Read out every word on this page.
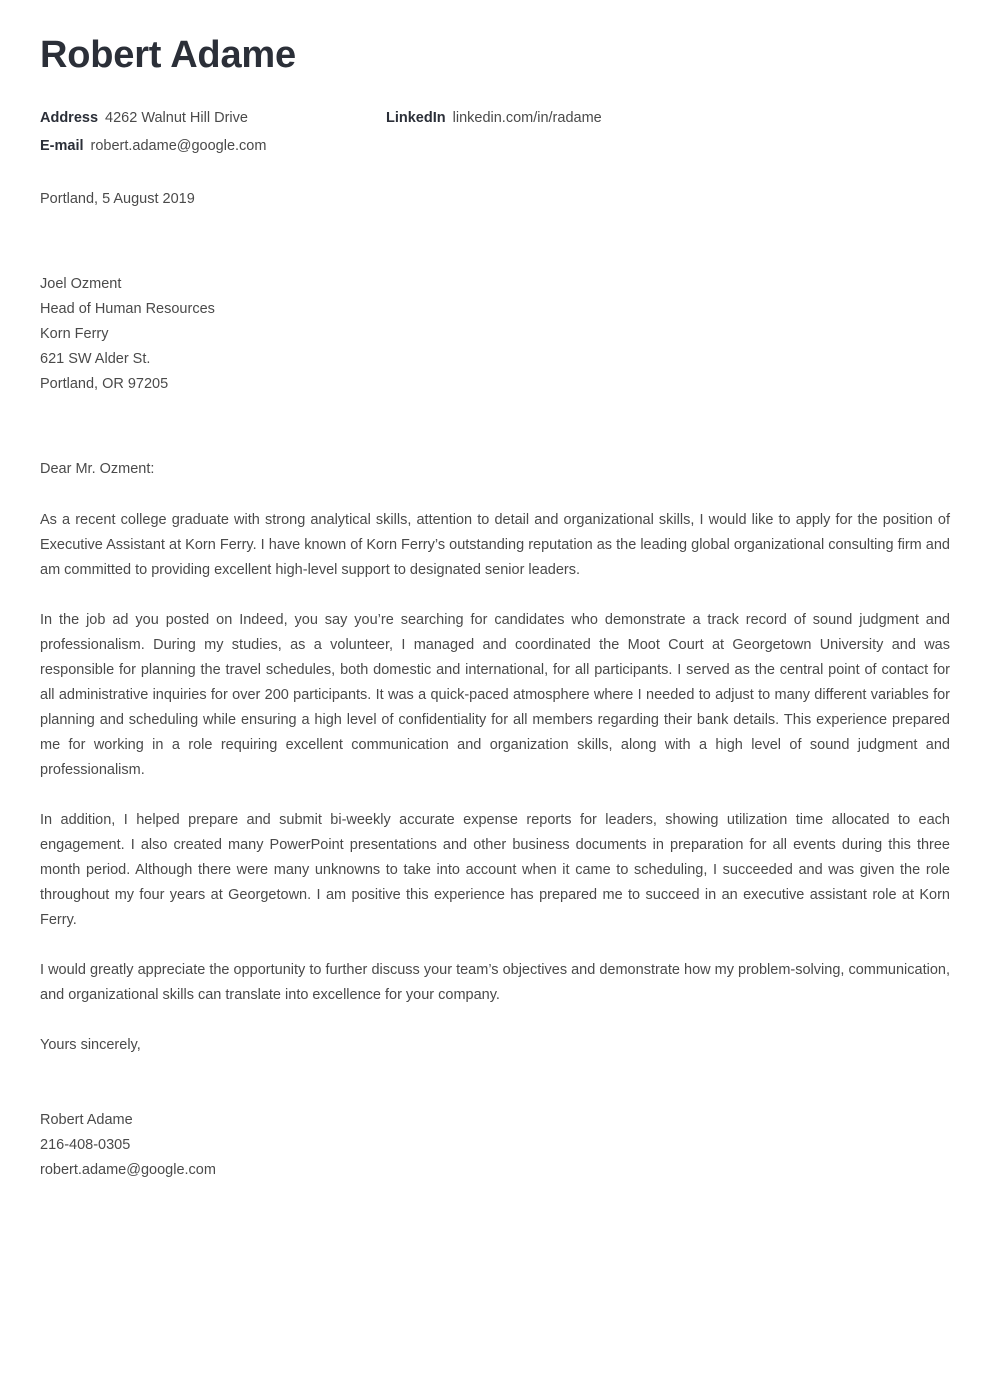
Robert Adame
Address 4262 Walnut Hill Drive	LinkedIn linkedin.com/in/radame
E-mail robert.adame@google.com
Portland, 5 August 2019
Joel Ozment
Head of Human Resources
Korn Ferry
621 SW Alder St.
Portland, OR 97205
Dear Mr. Ozment:

As a recent college graduate with strong analytical skills, attention to detail and organizational skills, I would like to apply for the position of Executive Assistant at Korn Ferry. I have known of Korn Ferry’s outstanding reputation as the leading global organizational consulting firm and am committed to providing excellent high-level support to designated senior leaders.

In the job ad you posted on Indeed, you say you’re searching for candidates who demonstrate a track record of sound judgment and professionalism. During my studies, as a volunteer, I managed and coordinated the Moot Court at Georgetown University and was responsible for planning the travel schedules, both domestic and international, for all participants. I served as the central point of contact for all administrative inquiries for over 200 participants. It was a quick-paced atmosphere where I needed to adjust to many different variables for planning and scheduling while ensuring a high level of confidentiality for all members regarding their bank details. This experience prepared me for working in a role requiring excellent communication and organization skills, along with a high level of sound judgment and professionalism.

In addition, I helped prepare and submit bi-weekly accurate expense reports for leaders, showing utilization time allocated to each engagement. I also created many PowerPoint presentations and other business documents in preparation for all events during this three month period. Although there were many unknowns to take into account when it came to scheduling, I succeeded and was given the role throughout my four years at Georgetown. I am positive this experience has prepared me to succeed in an executive assistant role at Korn Ferry.

I would greatly appreciate the opportunity to further discuss your team’s objectives and demonstrate how my problem-solving, communication, and organizational skills can translate into excellence for your company.

Yours sincerely,
Robert Adame
216-408-0305
robert.adame@google.com
